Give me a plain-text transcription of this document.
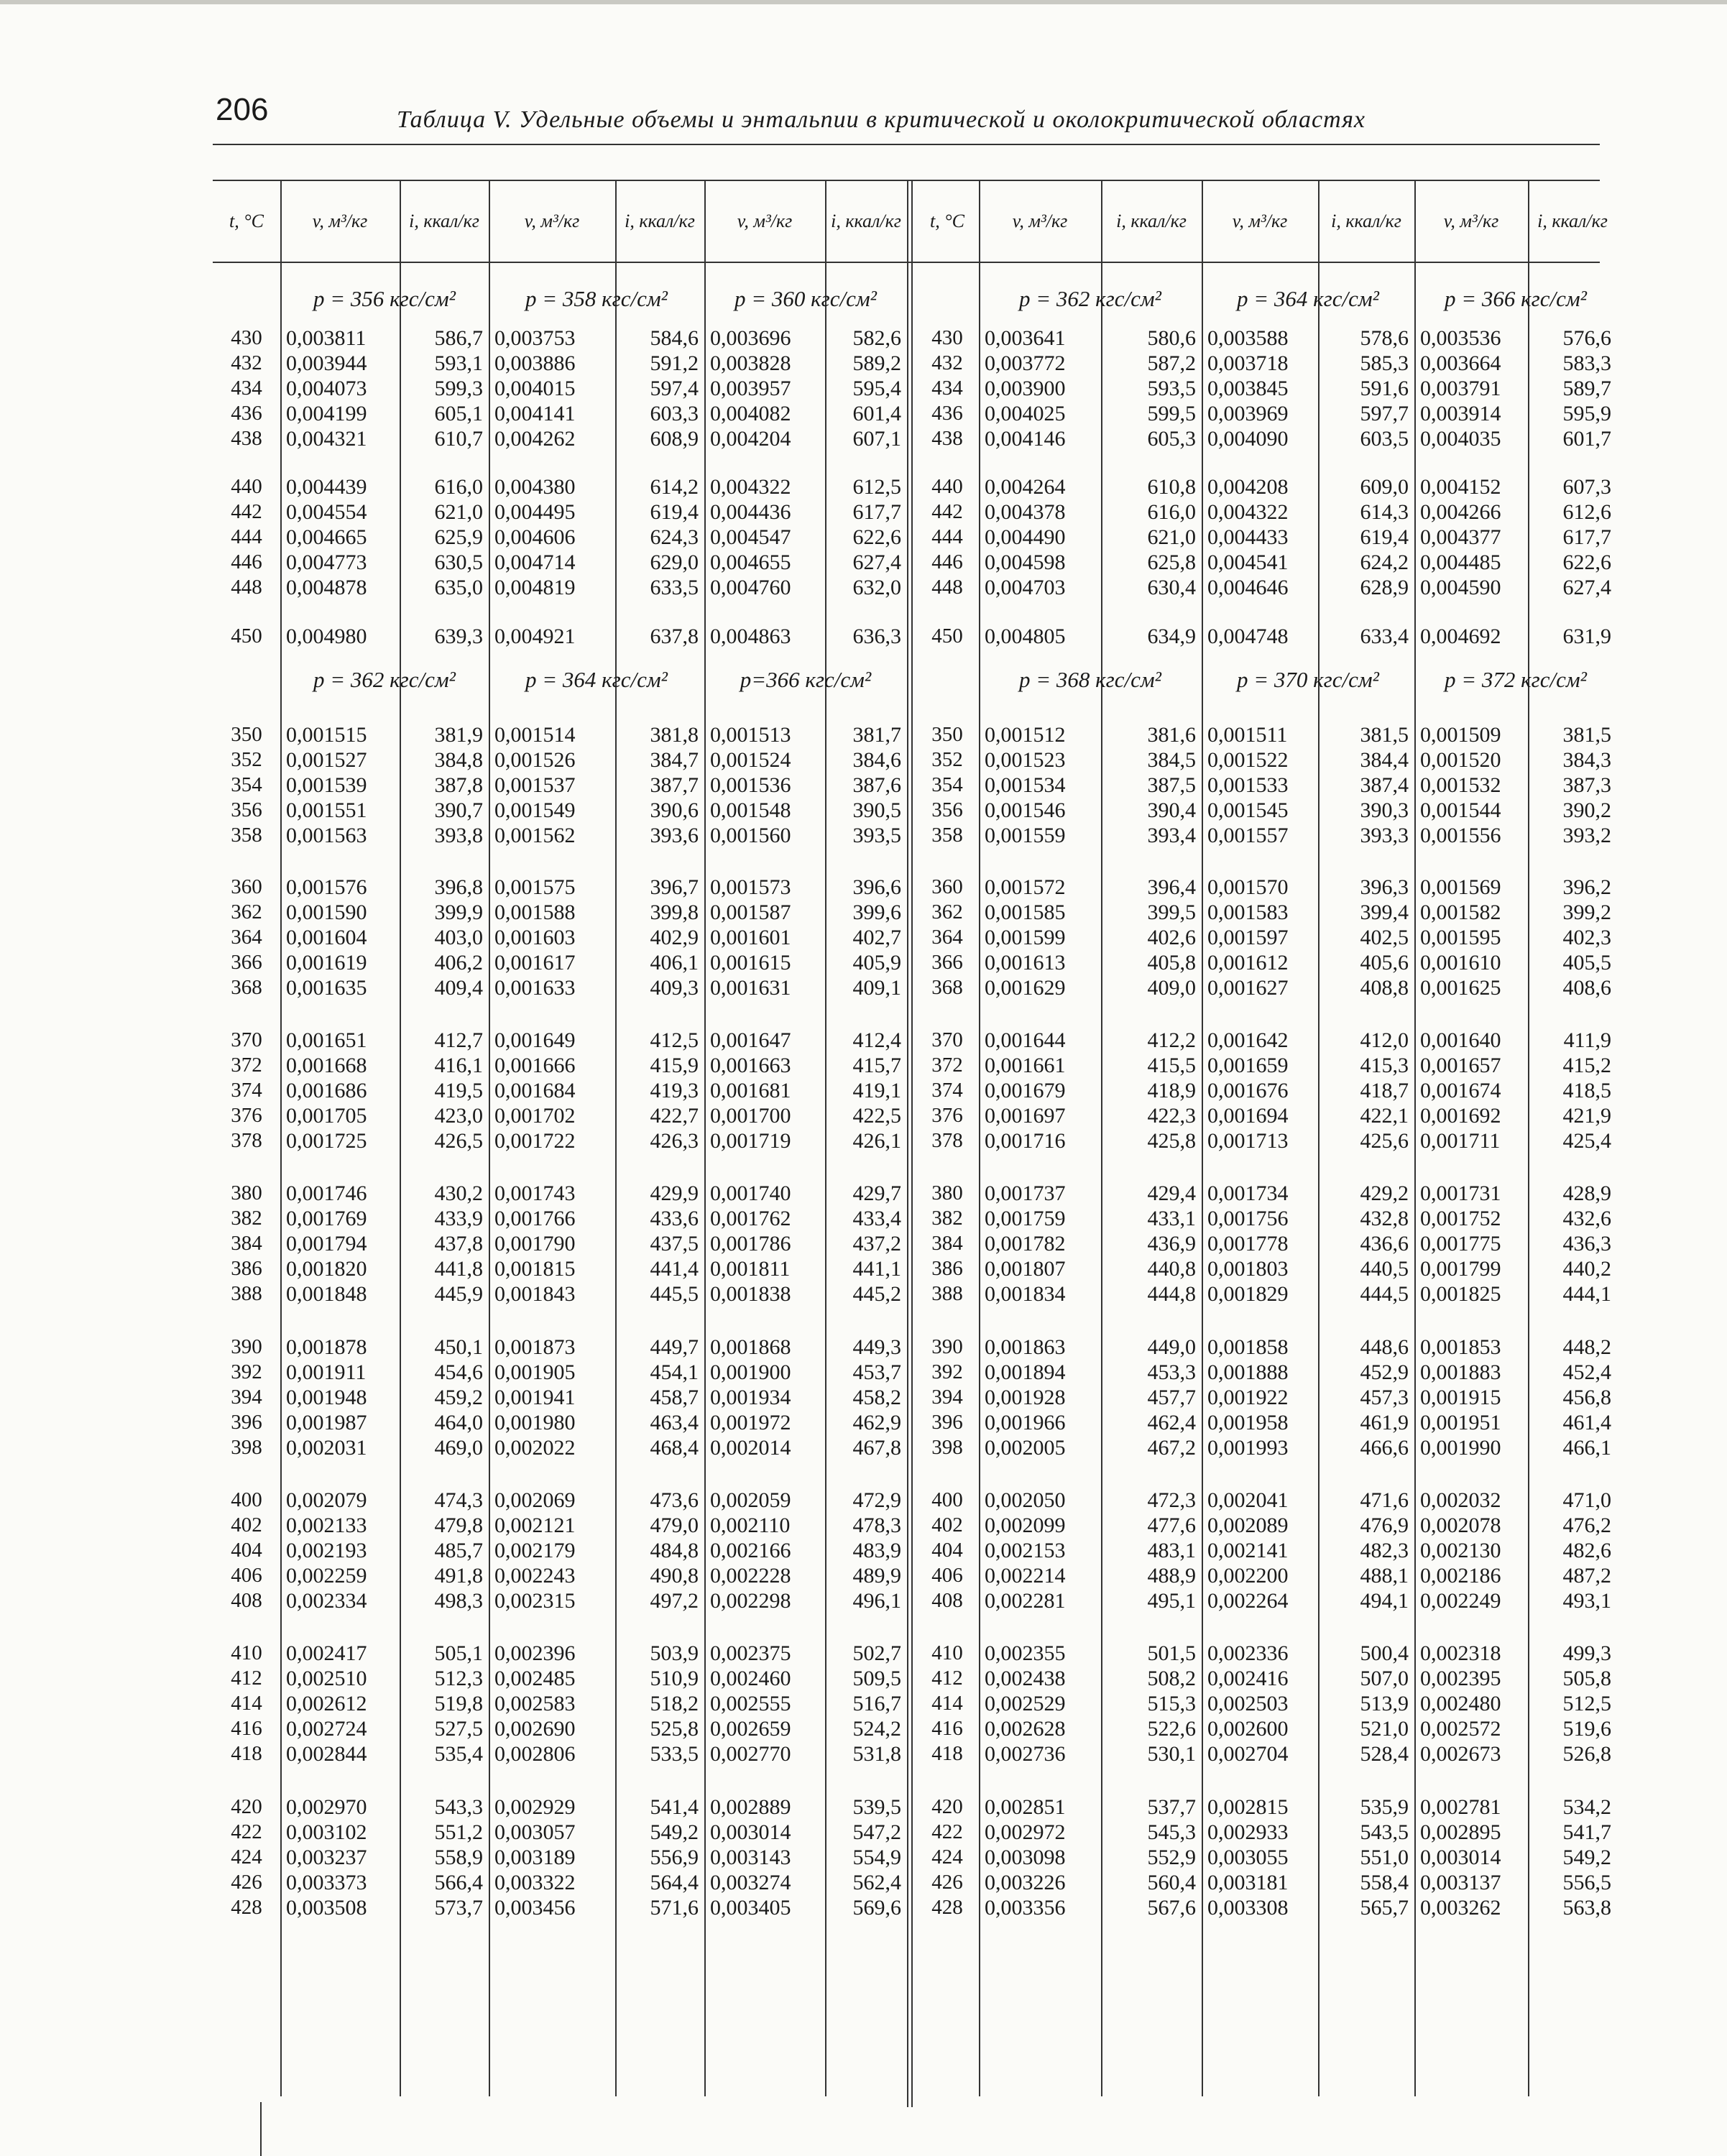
206	Таблица V. Удельные объемы и энтальпии в критической и околокритической областях
t, °C	v, м³/кг	i, ккал/кг	v, м³/кг	i, ккал/кг	v, м³/кг	i, ккал/кг	t, °C	v, м³/кг	i, ккал/кг	v, м³/кг	i, ккал/кг	v, м³/кг	i, ккал/кг
p = 356 кгс/см²	p = 358 кгс/см²	p = 360 кгс/см²	p = 362 кгс/см²	p = 364 кгс/см²	p = 366 кгс/см²
430	0,003811	586,7 0,003753	584,6 0,003696	582,6	430	0,003641	580,6 0,003588	578,6 0,003536	576,6
432	0,003944	593,1 0,003886	591,2 0,003828	589,2	432	0,003772	587,2 0,003718	585,3 0,003664	583,3
434	0,004073	599,3 0,004015	597,4 0,003957	595,4	434	0,003900	593,5 0,003845	591,6 0,003791	589,7
436	0,004199	605,1 0,004141	603,3 0,004082	601,4	436	0,004025	599,5 0,003969	597,7 0,003914	595,9
438	0,004321	610,7 0,004262	608,9 0,004204	607,1	438	0,004146	605,3 0,004090	603,5 0,004035	601,7
440	0,004439	616,0 0,004380	614,2 0,004322	612,5	440	0,004264	610,8 0,004208	609,0 0,004152	607,3
442	0,004554	621,0 0,004495	619,4 0,004436	617,7	442	0,004378	616,0 0,004322	614,3 0,004266	612,6
444	0,004665	625,9 0,004606	624,3 0,004547	622,6	444	0,004490	621,0 0,004433	619,4 0,004377	617,7
446	0,004773	630,5 0,004714	629,0 0,004655	627,4	446	0,004598	625,8 0,004541	624,2 0,004485	622,6
448	0,004878	635,0 0,004819	633,5 0,004760	632,0	448	0,004703	630,4 0,004646	628,9 0,004590	627,4
450	0,004980	639,3 0,004921	637,8 0,004863	636,3	450	0,004805	634,9 0,004748	633,4 0,004692	631,9
p = 362 кгс/см²	p = 364 кгс/см²	p=366 кгс/см²	p = 368 кгс/см²	p = 370 кгс/см²	p = 372 кгс/см²
350	0,001515	381,9 0,001514	381,8 0,001513	381,7	350	0,001512	381,6 0,001511	381,5 0,001509	381,5
352	0,001527	384,8 0,001526	384,7 0,001524	384,6	352	0,001523	384,5 0,001522	384,4 0,001520	384,3
354	0,001539	387,8 0,001537	387,7 0,001536	387,6	354	0,001534	387,5 0,001533	387,4 0,001532	387,3
356	0,001551	390,7 0,001549	390,6 0,001548	390,5	356	0,001546	390,4 0,001545	390,3 0,001544	390,2
358	0,001563	393,8 0,001562	393,6 0,001560	393,5	358	0,001559	393,4 0,001557	393,3 0,001556	393,2
360	0,001576	396,8 0,001575	396,7 0,001573	396,6	360	0,001572	396,4 0,001570	396,3 0,001569	396,2
362	0,001590	399,9 0,001588	399,8 0,001587	399,6	362	0,001585	399,5 0,001583	399,4 0,001582	399,2
364	0,001604	403,0 0,001603	402,9 0,001601	402,7	364	0,001599	402,6 0,001597	402,5 0,001595	402,3
366	0,001619	406,2 0,001617	406,1 0,001615	405,9	366	0,001613	405,8 0,001612	405,6 0,001610	405,5
368	0,001635	409,4 0,001633	409,3 0,001631	409,1	368	0,001629	409,0 0,001627	408,8 0,001625	408,6
370	0,001651	412,7 0,001649	412,5 0,001647	412,4	370	0,001644	412,2 0,001642	412,0 0,001640	411,9
372	0,001668	416,1 0,001666	415,9 0,001663	415,7	372	0,001661	415,5 0,001659	415,3 0,001657	415,2
374	0,001686	419,5 0,001684	419,3 0,001681	419,1	374	0,001679	418,9 0,001676	418,7 0,001674	418,5
376	0,001705	423,0 0,001702	422,7 0,001700	422,5	376	0,001697	422,3 0,001694	422,1 0,001692	421,9
378	0,001725	426,5 0,001722	426,3 0,001719	426,1	378	0,001716	425,8 0,001713	425,6 0,001711	425,4
380	0,001746	430,2 0,001743	429,9 0,001740	429,7	380	0,001737	429,4 0,001734	429,2 0,001731	428,9
382	0,001769	433,9 0,001766	433,6 0,001762	433,4	382	0,001759	433,1 0,001756	432,8 0,001752	432,6
384	0,001794	437,8 0,001790	437,5 0,001786	437,2	384	0,001782	436,9 0,001778	436,6 0,001775	436,3
386	0,001820	441,8 0,001815	441,4 0,001811	441,1	386	0,001807	440,8 0,001803	440,5 0,001799	440,2
388	0,001848	445,9 0,001843	445,5 0,001838	445,2	388	0,001834	444,8 0,001829	444,5 0,001825	444,1
390	0,001878	450,1 0,001873	449,7 0,001868	449,3	390	0,001863	449,0 0,001858	448,6 0,001853	448,2
392	0,001911	454,6 0,001905	454,1 0,001900	453,7	392	0,001894	453,3 0,001888	452,9 0,001883	452,4
394	0,001948	459,2 0,001941	458,7 0,001934	458,2	394	0,001928	457,7 0,001922	457,3 0,001915	456,8
396	0,001987	464,0 0,001980	463,4 0,001972	462,9	396	0,001966	462,4 0,001958	461,9 0,001951	461,4
398	0,002031	469,0 0,002022	468,4 0,002014	467,8	398	0,002005	467,2 0,001993	466,6 0,001990	466,1
400	0,002079	474,3 0,002069	473,6 0,002059	472,9	400	0,002050	472,3 0,002041	471,6 0,002032	471,0
402	0,002133	479,8 0,002121	479,0 0,002110	478,3	402	0,002099	477,6 0,002089	476,9 0,002078	476,2
404	0,002193	485,7 0,002179	484,8 0,002166	483,9	404	0,002153	483,1 0,002141	482,3 0,002130	482,6
406	0,002259	491,8 0,002243	490,8 0,002228	489,9	406	0,002214	488,9 0,002200	488,1 0,002186	487,2
408	0,002334	498,3 0,002315	497,2 0,002298	496,1	408	0,002281	495,1 0,002264	494,1 0,002249	493,1
410	0,002417	505,1 0,002396	503,9 0,002375	502,7	410	0,002355	501,5 0,002336	500,4 0,002318	499,3
412	0,002510	512,3 0,002485	510,9 0,002460	509,5	412	0,002438	508,2 0,002416	507,0 0,002395	505,8
414	0,002612	519,8 0,002583	518,2 0,002555	516,7	414	0,002529	515,3 0,002503	513,9 0,002480	512,5
416	0,002724	527,5 0,002690	525,8 0,002659	524,2	416	0,002628	522,6 0,002600	521,0 0,002572	519,6
418	0,002844	535,4 0,002806	533,5 0,002770	531,8	418	0,002736	530,1 0,002704	528,4 0,002673	526,8
420	0,002970	543,3 0,002929	541,4 0,002889	539,5	420	0,002851	537,7 0,002815	535,9 0,002781	534,2
422	0,003102	551,2 0,003057	549,2 0,003014	547,2	422	0,002972	545,3 0,002933	543,5 0,002895	541,7
424	0,003237	558,9 0,003189	556,9 0,003143	554,9	424	0,003098	552,9 0,003055	551,0 0,003014	549,2
426	0,003373	566,4 0,003322	564,4 0,003274	562,4	426	0,003226	560,4 0,003181	558,4 0,003137	556,5
428	0,003508	573,7 0,003456	571,6 0,003405	569,6	428	0,003356	567,6 0,003308	565,7 0,003262	563,8
